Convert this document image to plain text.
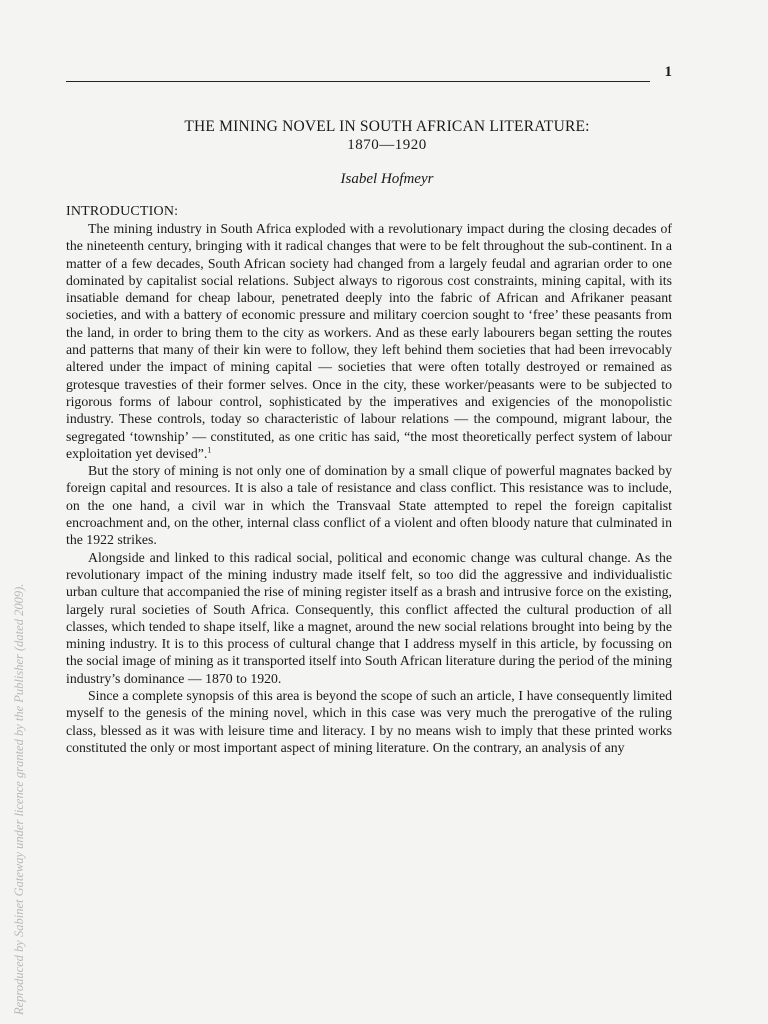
1
THE MINING NOVEL IN SOUTH AFRICAN LITERATURE:
1870—1920
Isabel Hofmeyr
INTRODUCTION:

The mining industry in South Africa exploded with a revolutionary impact during the closing decades of the nineteenth century, bringing with it radical changes that were to be felt throughout the sub-continent. In a matter of a few decades, South African society had changed from a largely feudal and agrarian order to one dominated by capitalist social relations. Subject always to rigorous cost constraints, mining capital, with its insatiable demand for cheap labour, penetrated deeply into the fabric of African and Afrikaner peasant societies, and with a battery of economic pressure and military coercion sought to ‘free’ these peasants from the land, in order to bring them to the city as workers. And as these early labourers began setting the routes and patterns that many of their kin were to follow, they left behind them societies that had been irrevocably altered under the impact of mining capital — societies that were often totally destroyed or remained as grotesque travesties of their former selves. Once in the city, these worker/peasants were to be subjected to rigorous forms of labour control, sophisticated by the imperatives and exigencies of the monopolistic industry. These controls, today so characteristic of labour relations — the compound, migrant labour, the segregated ‘township’ — constituted, as one critic has said, “the most theoretically perfect system of labour exploitation yet devised”.$^1$

But the story of mining is not only one of domination by a small clique of powerful magnates backed by foreign capital and resources. It is also a tale of resistance and class conflict. This resistance was to include, on the one hand, a civil war in which the Transvaal State attempted to repel the foreign capitalist encroachment and, on the other, internal class conflict of a violent and often bloody nature that culminated in the 1922 strikes.

Alongside and linked to this radical social, political and economic change was cultural change. As the revolutionary impact of the mining industry made itself felt, so too did the aggressive and individualistic urban culture that accompanied the rise of mining register itself as a brash and intrusive force on the existing, largely rural societies of South Africa. Consequently, this conflict affected the cultural production of all classes, which tended to shape itself, like a magnet, around the new social relations brought into being by the mining industry. It is to this process of cultural change that I address myself in this article, by focussing on the social image of mining as it transported itself into South African literature during the period of the mining industry’s dominance — 1870 to 1920.

Since a complete synopsis of this area is beyond the scope of such an article, I have consequently limited myself to the genesis of the mining novel, which in this case was very much the prerogative of the ruling class, blessed as it was with leisure time and literacy. I by no means wish to imply that these printed works constituted the only or most important aspect of mining literature. On the contrary, an analysis of any

Reproduced by Sabinet Gateway under licence granted by the Publisher (dated 2009).
